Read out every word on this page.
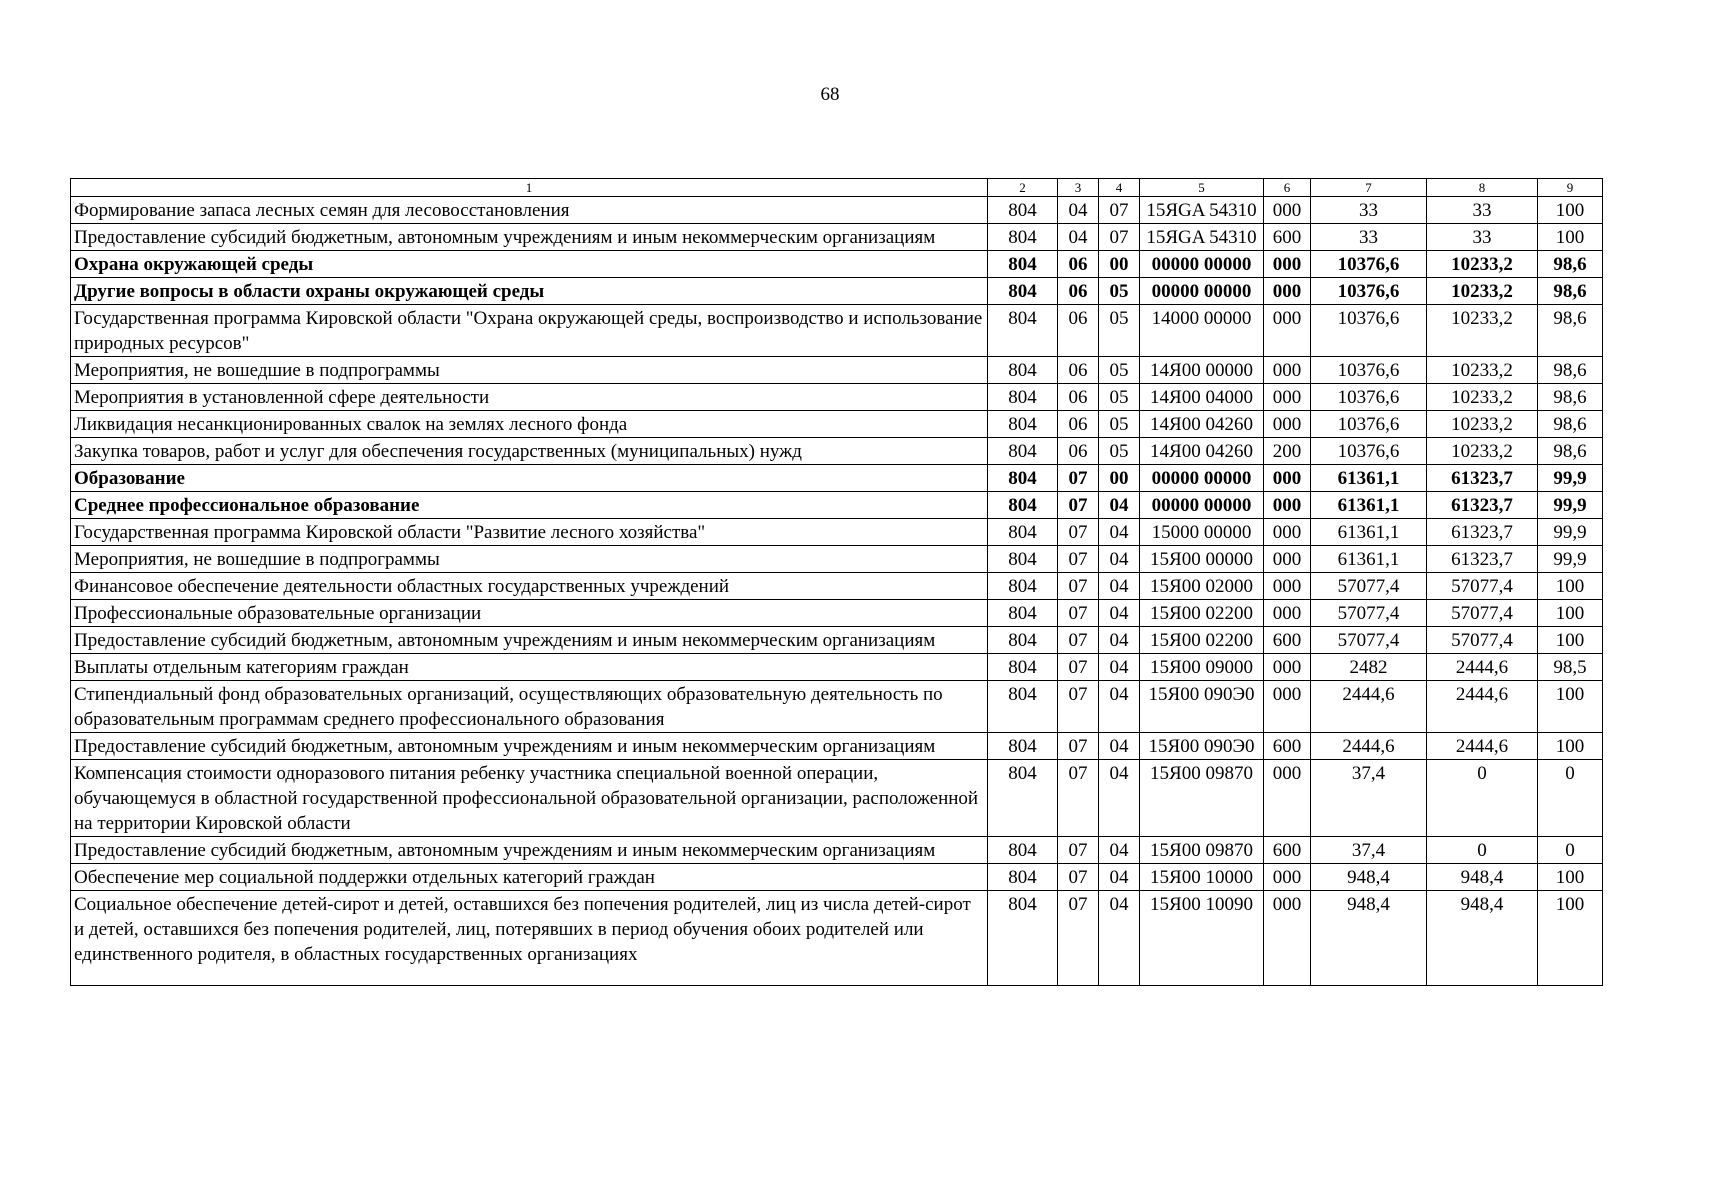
68
1	2	3	4	5	6	7	8	9
Формирование запаса лесных семян для лесовосстановления	804	04	07	15ЯGA 54310	000	33	33	100
Предоставление субсидий бюджетным, автономным учреждениям и иным некоммерческим организациям	804	04	07	15ЯGA 54310	600	33	33	100
Охрана окружающей среды	804	06	00	00000 00000	000	10376,6	10233,2	98,6
Другие вопросы в области охраны окружающей среды	804	06	05	00000 00000	000	10376,6	10233,2	98,6
Государственная программа Кировской области "Охрана окружающей среды, воспроизводство и использование природных ресурсов"	804	06	05	14000 00000	000	10376,6	10233,2	98,6
Мероприятия, не вошедшие в подпрограммы	804	06	05	14Я00 00000	000	10376,6	10233,2	98,6
Мероприятия в установленной сфере деятельности	804	06	05	14Я00 04000	000	10376,6	10233,2	98,6
Ликвидация несанкционированных свалок на землях лесного фонда	804	06	05	14Я00 04260	000	10376,6	10233,2	98,6
Закупка товаров, работ и услуг для обеспечения государственных (муниципальных) нужд	804	06	05	14Я00 04260	200	10376,6	10233,2	98,6
Образование	804	07	00	00000 00000	000	61361,1	61323,7	99,9
Среднее профессиональное образование	804	07	04	00000 00000	000	61361,1	61323,7	99,9
Государственная программа Кировской области "Развитие лесного хозяйства"	804	07	04	15000 00000	000	61361,1	61323,7	99,9
Мероприятия, не вошедшие в подпрограммы	804	07	04	15Я00 00000	000	61361,1	61323,7	99,9
Финансовое обеспечение деятельности областных государственных учреждений	804	07	04	15Я00 02000	000	57077,4	57077,4	100
Профессиональные образовательные организации	804	07	04	15Я00 02200	000	57077,4	57077,4	100
Предоставление субсидий бюджетным, автономным учреждениям и иным некоммерческим организациям	804	07	04	15Я00 02200	600	57077,4	57077,4	100
Выплаты отдельным категориям граждан	804	07	04	15Я00 09000	000	2482	2444,6	98,5
Стипендиальный фонд образовательных организаций, осуществляющих образовательную деятельность по образовательным программам среднего профессионального образования	804	07	04	15Я00 090Э0	000	2444,6	2444,6	100
Предоставление субсидий бюджетным, автономным учреждениям и иным некоммерческим организациям	804	07	04	15Я00 090Э0	600	2444,6	2444,6	100
Компенсация стоимости одноразового питания ребенку участника специальной военной операции, обучающемуся в областной государственной профессиональной образовательной организации, расположенной на территории Кировской области	804	07	04	15Я00 09870	000	37,4	0	0
Предоставление субсидий бюджетным, автономным учреждениям и иным некоммерческим организациям	804	07	04	15Я00 09870	600	37,4	0	0
Обеспечение мер социальной поддержки отдельных категорий граждан	804	07	04	15Я00 10000	000	948,4	948,4	100
Социальное обеспечение детей-сирот и детей, оставшихся без попечения родителей, лиц из числа детей-сирот и детей, оставшихся без попечения родителей, лиц, потерявших в период обучения обоих родителей или единственного родителя, в областных государственных организациях	804	07	04	15Я00 10090	000	948,4	948,4	100
